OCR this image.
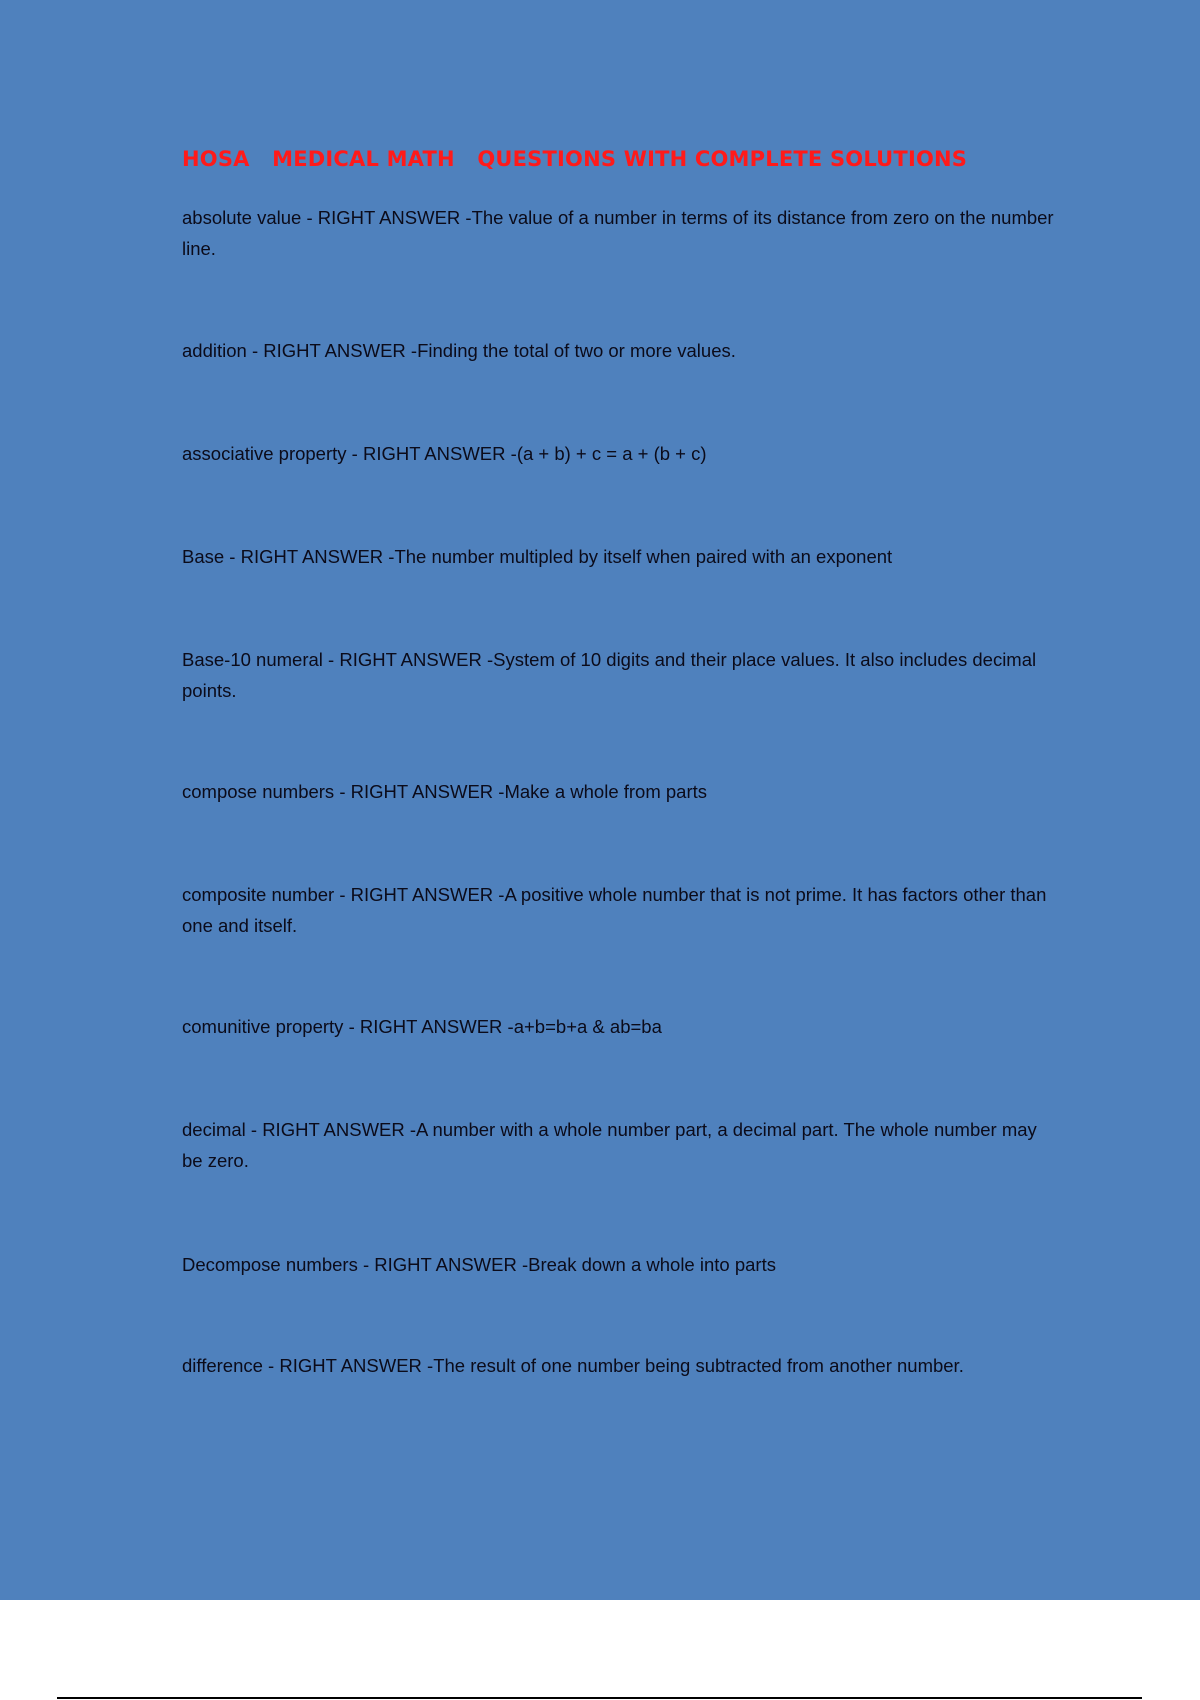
HOSA   MEDICAL MATH   QUESTIONS WITH COMPLETE SOLUTIONS

absolute value - RIGHT ANSWER -The value of a number in terms of its distance from zero on the number line.

addition - RIGHT ANSWER -Finding the total of two or more values.

associative property - RIGHT ANSWER -(a + b) + c = a + (b + c)

Base - RIGHT ANSWER -The number multipled by itself when paired with an exponent

Base-10 numeral - RIGHT ANSWER -System of 10 digits and their place values. It also includes decimal points.

compose numbers - RIGHT ANSWER -Make a whole from parts

composite number - RIGHT ANSWER -A positive whole number that is not prime. It has factors other than one and itself.

comunitive property - RIGHT ANSWER -a+b=b+a & ab=ba

decimal - RIGHT ANSWER -A number with a whole number part, a decimal part. The whole number may be zero.

Decompose numbers - RIGHT ANSWER -Break down a whole into parts

difference - RIGHT ANSWER -The result of one number being subtracted from another number.
